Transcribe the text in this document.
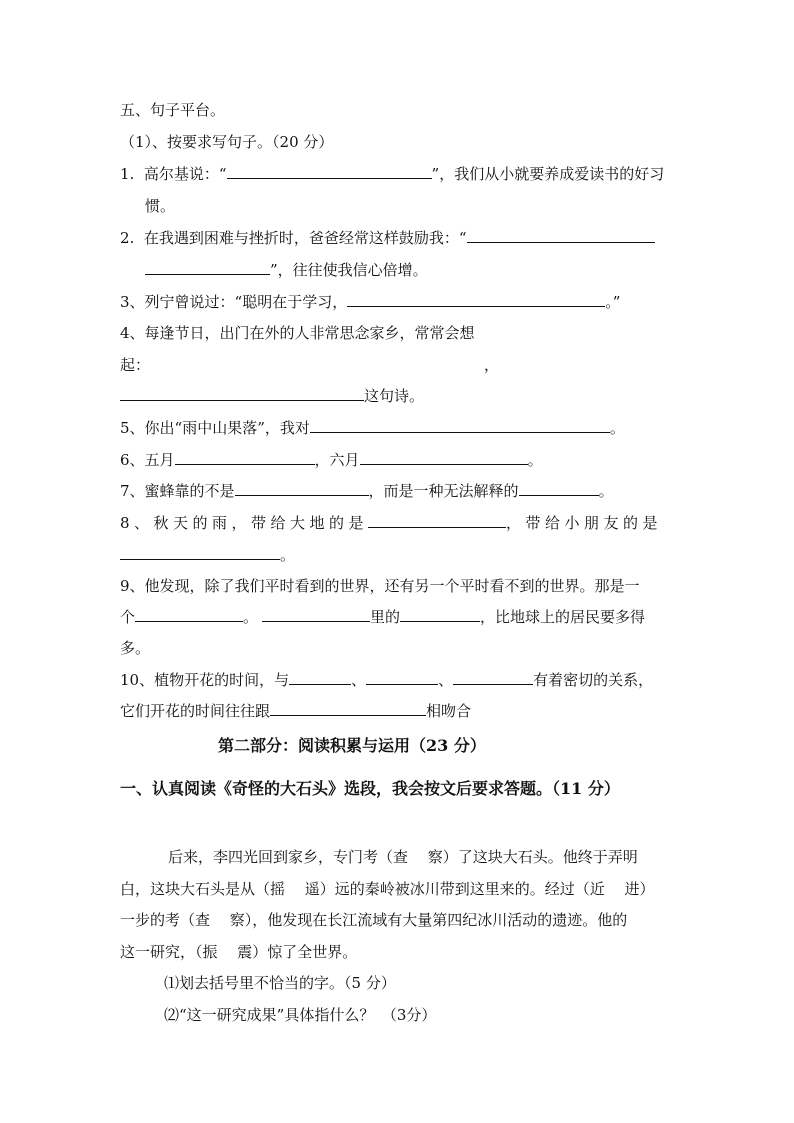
五、句子平台。
（1）、按要求写句子。（20 分）
1. 高尔基说：“	”，我们从小就要养成爱读书的好习
惯。
2. 在我遇到困难与挫折时，爸爸经常这样鼓励我：“
”，往往使我信心倍增。
3、列宁曾说过：“聪明在于学习，	。”
4、每逢节日，出门在外的人非常思念家乡，常常会想
起：	，
这句诗。
5、你出“雨中山果落”，我对	。
6、五月	，六月	。
7、蜜蜂靠的不是	，而是一种无法解释的	。
8、秋天的雨，带给大地的是	，带给小朋友的是
。
9、他发现，除了我们平时看到的世界，还有另一个平时看不到的世界。那是一
个	。	里的	，比地球上的居民要多得
多。
10、植物开花的时间，与	、	、	有着密切的关系，
它们开花的时间往往跟	相吻合
第二部分：阅读积累与运用（23 分）
一、认真阅读《奇怪的大石头》选段，我会按文后要求答题。（11 分）
后来，李四光回到家乡，专门考（查　 察）了这块大石头。他终于弄明
白，这块大石头是从（摇　 遥）远的秦岭被冰川带到这里来的。经过（近　 进）
一步的考（查　 察），他发现在长江流域有大量第四纪冰川活动的遗迹。他的
这一研究，（振　 震）惊了全世界。
⑴划去括号里不恰当的字。（5 分）
⑵“这一研究成果”具体指什么？　（3分）
